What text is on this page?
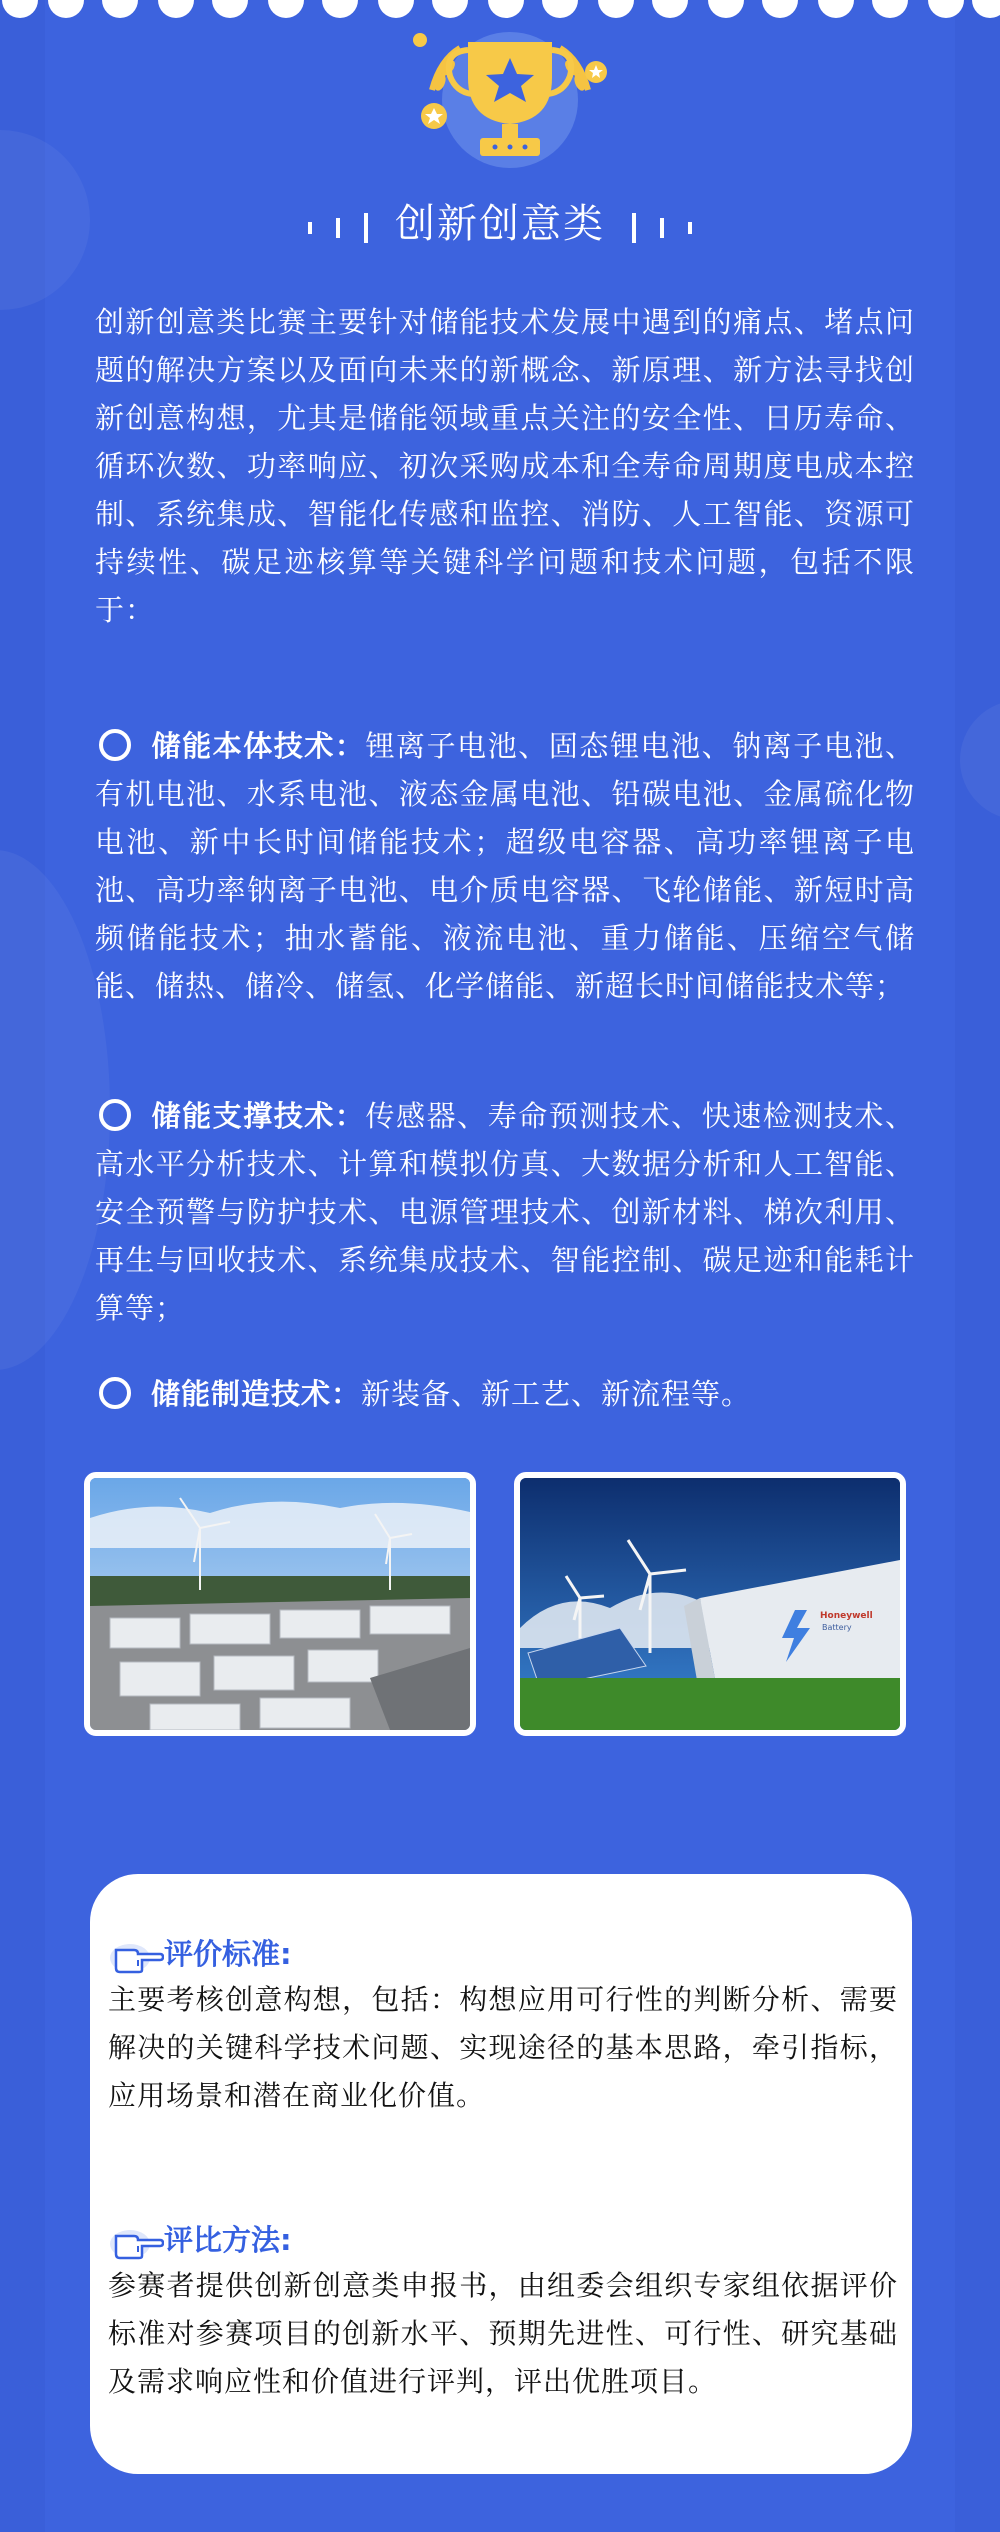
创新创意类
创新创意类比赛主要针对储能技术发展中遇到的痛点、堵点问题的解决方案以及面向未来的新概念、新原理、新方法寻找创新创意构想，尤其是储能领域重点关注的安全性、日历寿命、循环次数、功率响应、初次采购成本和全寿命周期度电成本控制、系统集成、智能化传感和监控、消防、人工智能、资源可持续性、碳足迹核算等关键科学问题和技术问题，包括不限于：
储能本体技术：锂离子电池、固态锂电池、钠离子电池、有机电池、水系电池、液态金属电池、铅碳电池、金属硫化物电池、新中长时间储能技术；超级电容器、高功率锂离子电池、高功率钠离子电池、电介质电容器、飞轮储能、新短时高频储能技术；抽水蓄能、液流电池、重力储能、压缩空气储能、储热、储冷、储氢、化学储能、新超长时间储能技术等；
储能支撑技术：传感器、寿命预测技术、快速检测技术、高水平分析技术、计算和模拟仿真、大数据分析和人工智能、安全预警与防护技术、电源管理技术、创新材料、梯次利用、再生与回收技术、系统集成技术、智能控制、碳足迹和能耗计算等；
储能制造技术：新装备、新工艺、新流程等。
Honeywell
Battery
评价标准:
主要考核创意构想，包括：构想应用可行性的判断分析、需要解决的关键科学技术问题、实现途径的基本思路，牵引指标，应用场景和潜在商业化价值。
评比方法:
参赛者提供创新创意类申报书，由组委会组织专家组依据评价标准对参赛项目的创新水平、预期先进性、可行性、研究基础及需求响应性和价值进行评判，评出优胜项目。
